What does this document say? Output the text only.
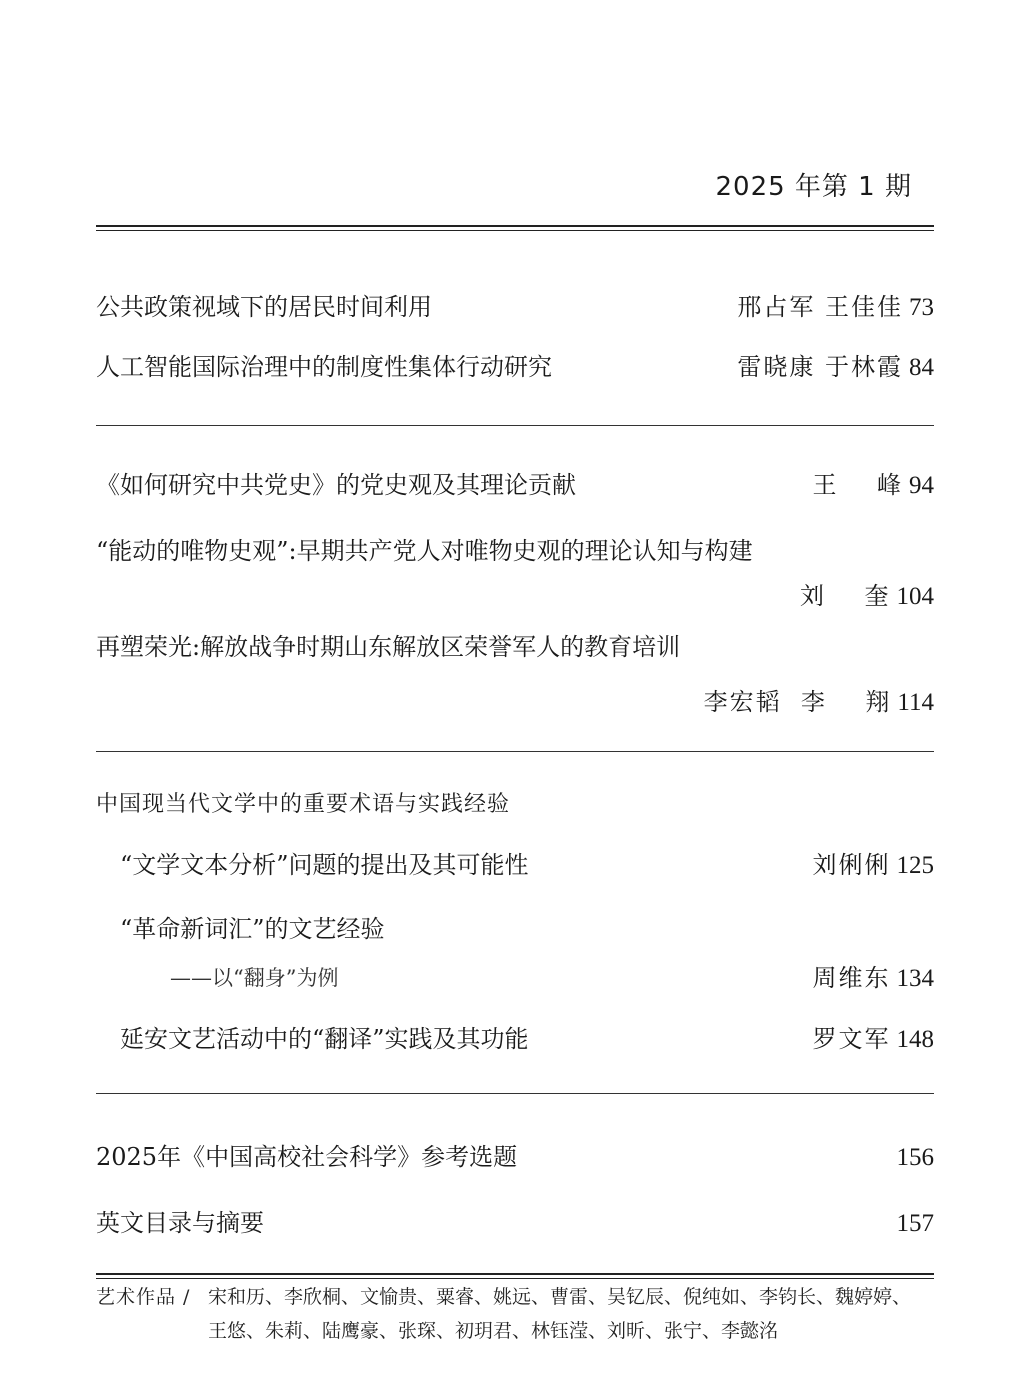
2025 年第 1 期
公共政策视域下的居民时间利用	邢占军 王佳佳 73
人工智能国际治理中的制度性集体行动研究	雷晓康 于林霞 84
《如何研究中共党史》的党史观及其理论贡献	王    峰 94
“能动的唯物史观”:早期共产党人对唯物史观的理论认知与构建
刘    奎 104
再塑荣光:解放战争时期山东解放区荣誉军人的教育培训
李宏韬  李    翔 114
中国现当代文学中的重要术语与实践经验
“文学文本分析”问题的提出及其可能性	刘俐俐 125
“革命新词汇”的文艺经验
——以“翻身”为例	周维东 134
延安文艺活动中的“翻译”实践及其功能	罗文军 148
2025年《中国高校社会科学》参考选题	156
英文目录与摘要	157
艺术作品 / 宋和历、李欣桐、文愉贵、粟睿、姚远、曹雷、吴钇辰、倪纯如、李钧长、魏婷婷、
王悠、朱莉、陆鹰豪、张琛、初玥君、林钰滢、刘昕、张宁、李懿洺
